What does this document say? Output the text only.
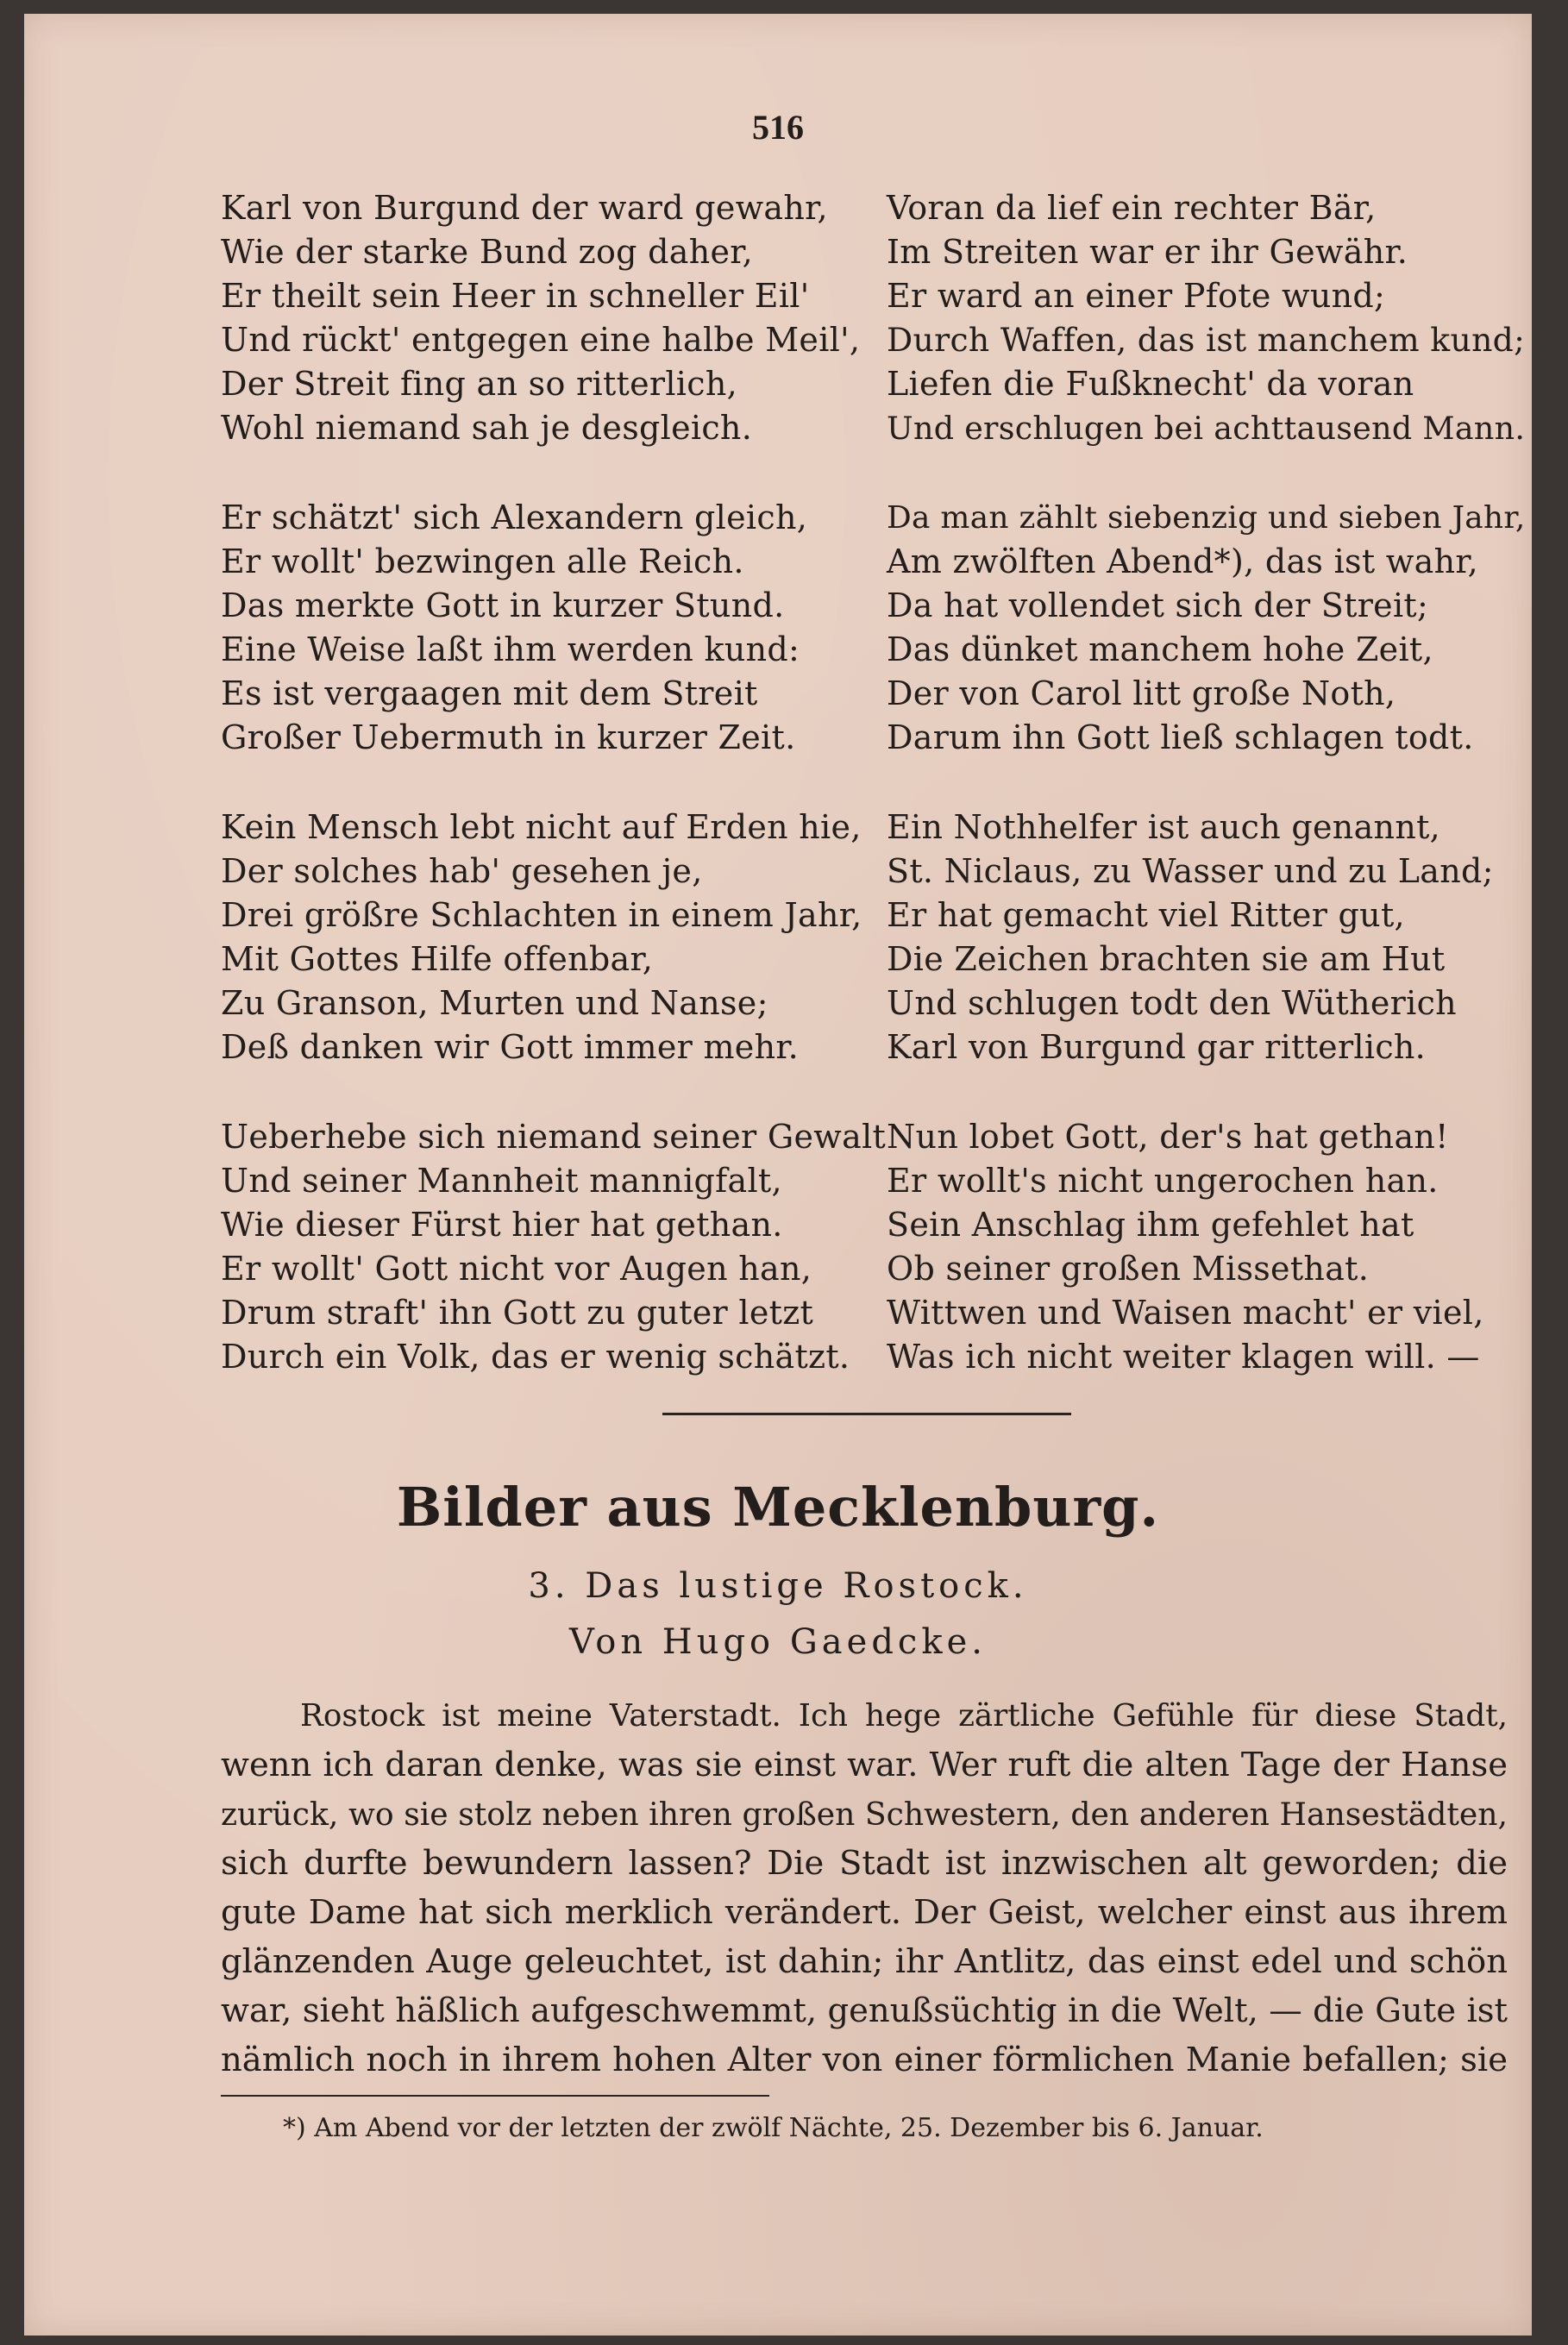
516
Karl von Burgund der ward gewahr,
Wie der starke Bund zog daher,
Er theilt sein Heer in schneller Eil'
Und rückt' entgegen eine halbe Meil',
Der Streit fing an so ritterlich,
Wohl niemand sah je desgleich.
Er schätzt' sich Alexandern gleich,
Er wollt' bezwingen alle Reich.
Das merkte Gott in kurzer Stund.
Eine Weise laßt ihm werden kund:
Es ist vergaagen mit dem Streit
Großer Uebermuth in kurzer Zeit.
Kein Mensch lebt nicht auf Erden hie,
Der solches hab' gesehen je,
Drei größre Schlachten in einem Jahr,
Mit Gottes Hilfe offenbar,
Zu Granson, Murten und Nanse;
Deß danken wir Gott immer mehr.
Ueberhebe sich niemand seiner Gewalt
Und seiner Mannheit mannigfalt,
Wie dieser Fürst hier hat gethan.
Er wollt' Gott nicht vor Augen han,
Drum straft' ihn Gott zu guter letzt
Durch ein Volk, das er wenig schätzt.
Voran da lief ein rechter Bär,
Im Streiten war er ihr Gewähr.
Er ward an einer Pfote wund;
Durch Waffen, das ist manchem kund;
Liefen die Fußknecht' da voran
Und erschlugen bei achttausend Mann.
Da man zählt siebenzig und sieben Jahr,
Am zwölften Abend*), das ist wahr,
Da hat vollendet sich der Streit;
Das dünket manchem hohe Zeit,
Der von Carol litt große Noth,
Darum ihn Gott ließ schlagen todt.
Ein Nothhelfer ist auch genannt,
St. Niclaus, zu Wasser und zu Land;
Er hat gemacht viel Ritter gut,
Die Zeichen brachten sie am Hut
Und schlugen todt den Wütherich
Karl von Burgund gar ritterlich.
Nun lobet Gott, der's hat gethan!
Er wollt's nicht ungerochen han.
Sein Anschlag ihm gefehlet hat
Ob seiner großen Missethat.
Wittwen und Waisen macht' er viel,
Was ich nicht weiter klagen will. —
Bilder aus Mecklenburg.
3. Das lustige Rostock.
Von Hugo Gaedcke.
Rostock ist meine Vaterstadt. Ich hege zärtliche Gefühle für diese Stadt,
wenn ich daran denke, was sie einst war. Wer ruft die alten Tage der Hanse
zurück, wo sie stolz neben ihren großen Schwestern, den anderen Hansestädten,
sich durfte bewundern lassen? Die Stadt ist inzwischen alt geworden; die
gute Dame hat sich merklich verändert. Der Geist, welcher einst aus ihrem
glänzenden Auge geleuchtet, ist dahin; ihr Antlitz, das einst edel und schön
war, sieht häßlich aufgeschwemmt, genußsüchtig in die Welt, — die Gute ist
nämlich noch in ihrem hohen Alter von einer förmlichen Manie befallen; sie
*) Am Abend vor der letzten der zwölf Nächte, 25. Dezember bis 6. Januar.
